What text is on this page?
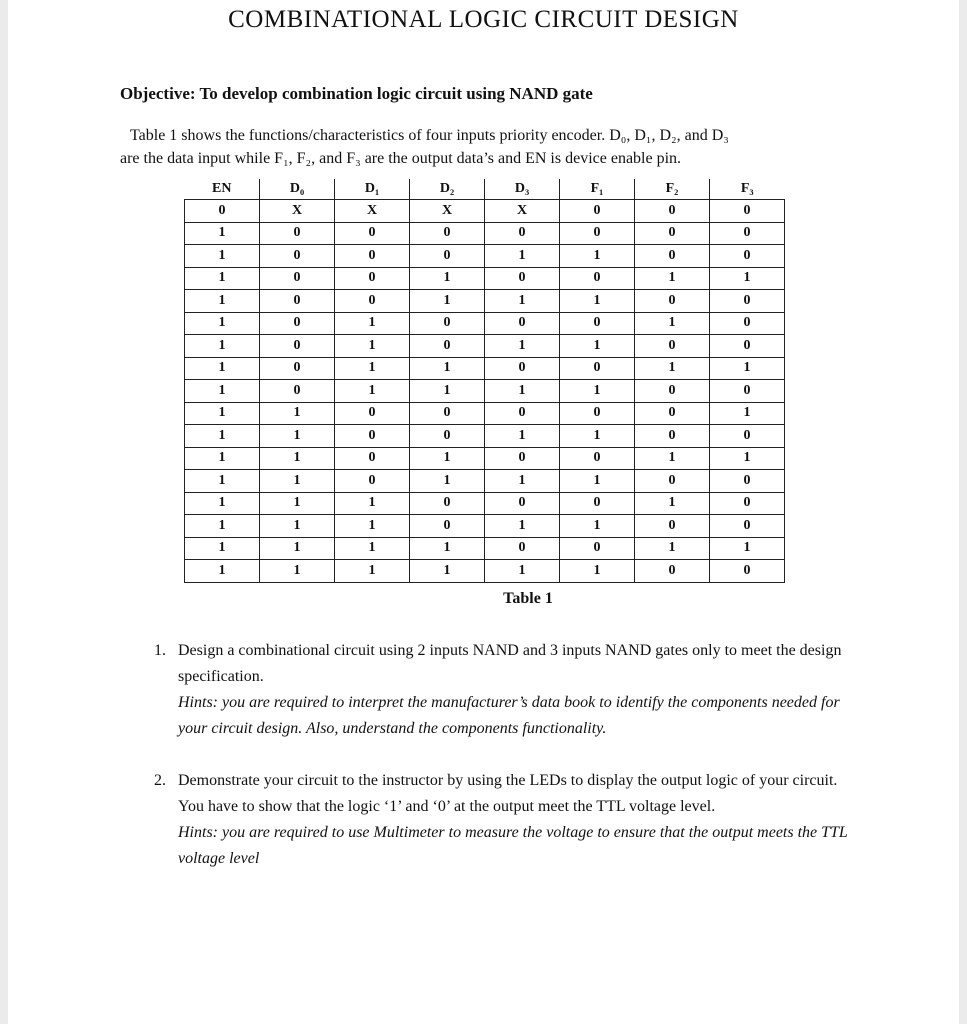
COMBINATIONAL LOGIC CIRCUIT DESIGN
Objective: To develop combination logic circuit using NAND gate
Table 1 shows the functions/characteristics of four inputs priority encoder. D₀, D₁, D₂, and D₃
are the data input while F₁, F₂, and F₃ are the output data’s and EN is device enable pin.
EN	D₀	D₁	D₂	D₃	F₁	F₂	F₃
0	X	X	X	X	0	0	0
1	0	0	0	0	0	0	0
1	0	0	0	1	1	0	0
1	0	0	1	0	0	1	1
1	0	0	1	1	1	0	0
1	0	1	0	0	0	1	0
1	0	1	0	1	1	0	0
1	0	1	1	0	0	1	1
1	0	1	1	1	1	0	0
1	1	0	0	0	0	0	1
1	1	0	0	1	1	0	0
1	1	0	1	0	0	1	1
1	1	0	1	1	1	0	0
1	1	1	0	0	0	1	0
1	1	1	0	1	1	0	0
1	1	1	1	0	0	1	1
1	1	1	1	1	1	0	0
Table 1
1. Design a combinational circuit using 2 inputs NAND and 3 inputs NAND gates only to meet the design specification.
Hints: you are required to interpret the manufacturer’s data book to identify the components needed for your circuit design. Also, understand the components functionality.
2. Demonstrate your circuit to the instructor by using the LEDs to display the output logic of your circuit. You have to show that the logic ‘1’ and ‘0’ at the output meet the TTL voltage level.
Hints: you are required to use Multimeter to measure the voltage to ensure that the output meets the TTL voltage level
